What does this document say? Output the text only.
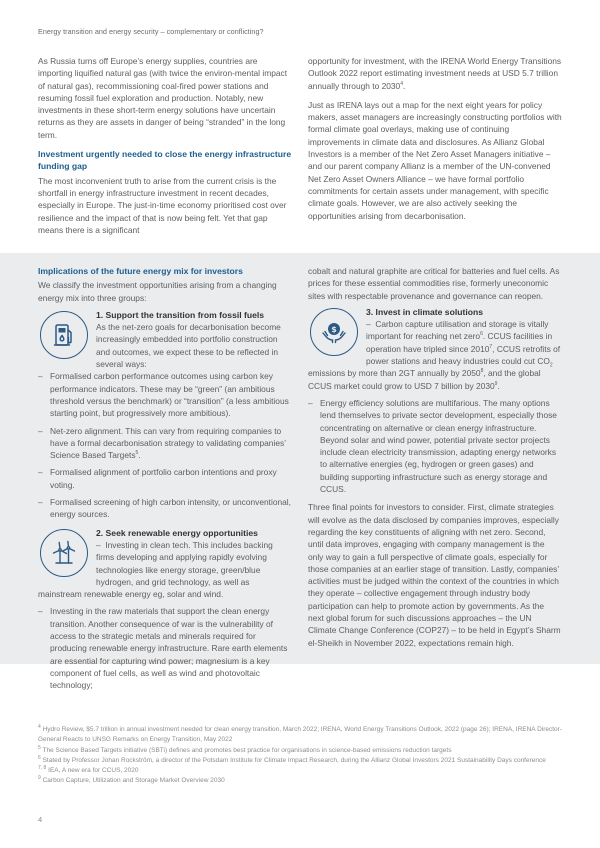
Energy transition and energy security – complementary or conflicting?

As Russia turns off Europe’s energy supplies, countries are importing liquified natural gas (with twice the environ-mental impact of natural gas), recommissioning coal-fired power stations and resuming fossil fuel exploration and production. Notably, new investments in these short-term energy solutions have uncertain returns as they are assets in danger of being “stranded” in the long term.

Investment urgently needed to close the energy infrastructure funding gap

The most inconvenient truth to arise from the current crisis is the shortfall in energy infrastructure investment in recent decades, especially in Europe. The just-in-time economy prioritised cost over resilience and the impact of that is now being felt. Yet that gap means there is a significant

opportunity for investment, with the IRENA World Energy Transitions Outlook 2022 report estimating investment needs at USD 5.7 trillion annually through to 2030$^4$.

Just as IRENA lays out a map for the next eight years for policy makers, asset managers are increasingly constructing portfolios with formal climate goal overlays, making use of continuing improvements in climate data and disclosures. As Allianz Global Investors is a member of the Net Zero Asset Managers initiative – and our parent company Allianz is a member of the UN-convened Net Zero Asset Owners Alliance – we have formal portfolio commitments for certain assets under management, with specific climate goals. However, we are also actively seeking the opportunities arising from decarbonisation.

Implications of the future energy mix for investors

We classify the investment opportunities arising from a changing energy mix into three groups:

1. Support the transition from fossil fuels
As the net-zero goals for decarbonisation become increasingly embedded into portfolio construction and outcomes, we expect these to be reflected in several ways:
– Formalised carbon performance outcomes using carbon key performance indicators. These may be “green” (an ambitious threshold versus the benchmark) or “transition” (a less ambitious starting point, but progressively more ambitious).
– Net-zero alignment. This can vary from requiring companies to have a formal decarbonisation strategy to validating companies’ Science Based Targets$^5$.
– Formalised alignment of portfolio carbon intentions and proxy voting.
– Formalised screening of high carbon intensity, or unconventional, energy sources.
2. Seek renewable energy opportunities
– Investing in clean tech. This includes backing firms developing and applying rapidly evolving technologies like energy storage, green/blue hydrogen, and grid technology, as well as mainstream renewable energy eg, solar and wind.
– Investing in the raw materials that support the clean energy transition. Another consequence of war is the vulnerability of access to the strategic metals and minerals required for producing renewable energy infrastructure. Rare earth elements are essential for capturing wind power; magnesium is a key component of fuel cells, as well as wind and photovoltaic technology;

cobalt and natural graphite are critical for batteries and fuel cells. As prices for these essential commodities rise, formerly uneconomic sites with respectable provenance and governance can reopen.

$
3. Invest in climate solutions
– Carbon capture utilisation and storage is vitally important for reaching net zero$^6$. CCUS facilities in operation have tripled since 2010$^7$, CCUS retrofits of power stations and heavy industries could cut $CO_2$ emissions by more than 2GT annually by 2050$^8$, and the global CCUS market could grow to USD 7 billion by 2030$^9$.
– Energy efficiency solutions are multifarious. The many options lend themselves to private sector development, especially those concentrating on alternative or clean energy infrastructure. Beyond solar and wind power, potential private sector projects include clean electricity transmission, adapting energy networks to alternative energies (eg, hydrogen or green gases) and building supporting infrastructure such as energy storage and CCUS.

Three final points for investors to consider. First, climate strategies will evolve as the data disclosed by companies improves, especially regarding the key constituents of aligning with net zero. Second, until data improves, engaging with company management is the only way to gain a full perspective of climate goals, especially for those companies at an earlier stage of transition. Lastly, companies’ activities must be judged within the context of the countries in which they operate – collective engagement through industry body participation can help to promote action by governments. As the next global forum for such discussions approaches – the UN Climate Change Conference (COP27) – to be held in Egypt’s Sharm el-Sheikh in November 2022, expectations remain high.

$^4$ Hydro Review, $5.7 trillion in annual investment needed for clean energy transition, March 2022; IRENA, World Energy Transitions Outlook, 2022 (page 26); IRENA, IRENA Director-General Reacts to UNSG Remarks on Energy Transition, May 2022
$^5$ The Science Based Targets initiative (SBTi) defines and promotes best practice for organisations in science-based emissions reduction targets
$^6$ Stated by Professor Johan Rockström, a director of the Potsdam Institute for Climate Impact Research, during the Allianz Global Investors 2021 Sustainability Days conference
$^{7, 8}$ IEA, A new era for CCUS, 2020
$^9$ Carbon Capture, Utilization and Storage Market Overview 2030
4
